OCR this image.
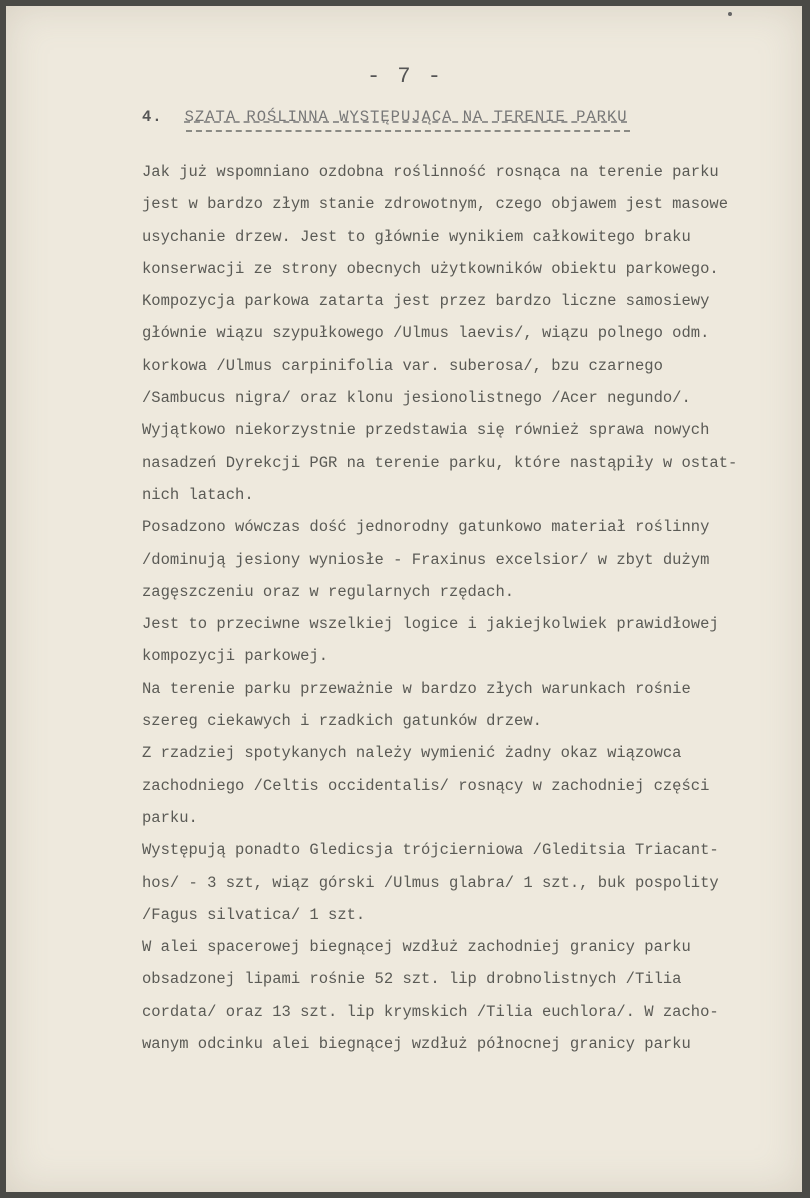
- 7 -
4. SZATA ROŚLINNA WYSTĘPUJĄCA NA TERENIE PARKU
Jak już wspomniano ozdobna roślinność rosnąca na terenie parku
jest w bardzo złym stanie zdrowotnym, czego objawem jest masowe
usychanie drzew. Jest to głównie wynikiem całkowitego braku
konserwacji ze strony obecnych użytkowników obiektu parkowego.
Kompozycja parkowa zatarta jest przez bardzo liczne samosiewy
głównie wiązu szypułkowego /Ulmus laevis/, wiązu polnego odm.
korkowa /Ulmus carpinifolia var. suberosa/, bzu czarnego
/Sambucus nigra/ oraz klonu jesionolistnego /Acer negundo/.
Wyjątkowo niekorzystnie przedstawia się również sprawa nowych
nasadzeń Dyrekcji PGR na terenie parku, które nastąpiły w ostat-
nich latach.
Posadzono wówczas dość jednorodny gatunkowo materiał roślinny
/dominują jesiony wyniosłe - Fraxinus excelsior/ w zbyt dużym
zagęszczeniu oraz w regularnych rzędach.
Jest to przeciwne wszelkiej logice i jakiejkolwiek prawidłowej
kompozycji parkowej.
Na terenie parku przeważnie w bardzo złych warunkach rośnie
szereg ciekawych i rzadkich gatunków drzew.
Z rzadziej spotykanych należy wymienić żadny okaz wiązowca
zachodniego /Celtis occidentalis/ rosnący w zachodniej części
parku.
Występują ponadto Gledicsja trójcierniowa /Gleditsia Triacant-
hos/ - 3 szt, wiąz górski /Ulmus glabra/ 1 szt., buk pospolity
/Fagus silvatica/ 1 szt.
W alei spacerowej biegnącej wzdłuż zachodniej granicy parku
obsadzonej lipami rośnie 52 szt. lip drobnolistnych /Tilia
cordata/ oraz 13 szt. lip krymskich /Tilia euchlora/. W zacho-
wanym odcinku alei biegnącej wzdłuż północnej granicy parku
